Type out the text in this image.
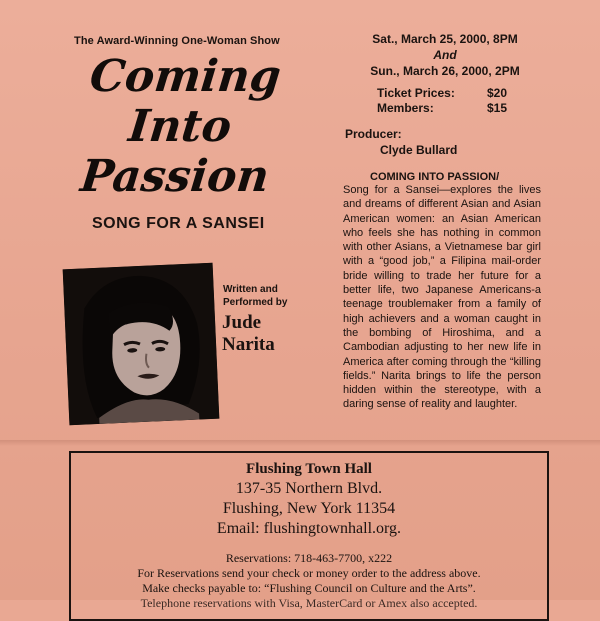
The Award-Winning One-Woman Show
Coming
Into
Passion
SONG FOR A SANSEI
Written and
Performed by
Jude
Narita
Sat., March 25, 2000, 8PM
And
Sun., March 26, 2000, 2PM
Ticket Prices:	$20
Members:	$15
Producer:
Clyde Bullard
COMING INTO PASSION/
Song for a Sansei—explores the lives and dreams of different Asian and Asian American women: an Asian American who feels she has nothing in common with other Asians, a Vietnamese bar girl with a “good job,” a Filipina mail-order bride willing to trade her future for a better life, two Japanese Americans-a teenage troublemaker from a family of high achievers and a woman caught in the bombing of Hiroshima, and a Cambodian adjusting to her new life in America after coming through the “killing fields.” Narita brings to life the person hidden within the stereotype, with a daring sense of reality and laughter.
Flushing Town Hall
137-35 Northern Blvd.
Flushing, New York 11354
Email: flushingtownhall.org.
Reservations: 718-463-7700, x222
For Reservations send your check or money order to the address above.
Make checks payable to: “Flushing Council on Culture and the Arts”.
Telephone reservations with Visa, MasterCard or Amex also accepted.
